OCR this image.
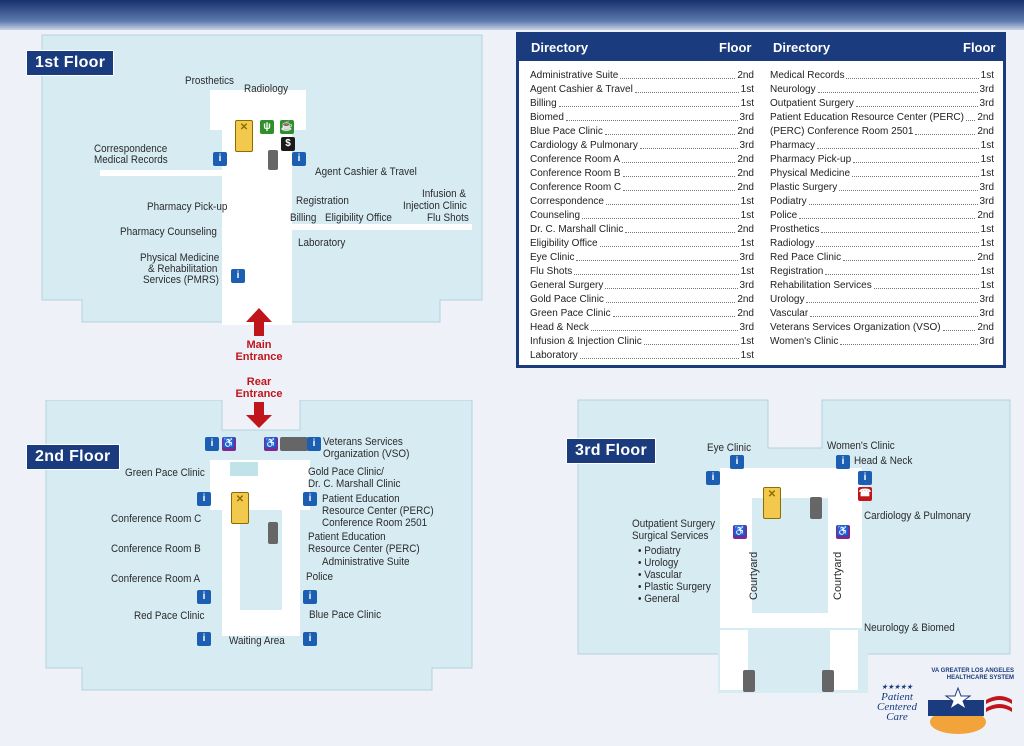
1st Floor
Prosthetics
Radiology
Correspondence
Medical Records
Agent Cashier & Travel
Registration
Billing Eligibility Office
Infusion &
Injection Clinic
Flu Shots
Pharmacy Pick-up
Pharmacy Counseling
Physical Medicine
& Rehabilitation
Services (PMRS)
Laboratory
✕	ψ	☕
$
i	i
i
Main
Entrance
Rear
Entrance
2nd Floor
Veterans Services
Organization (VSO)
Green Pace Clinic	Gold Pace Clinic/
Dr. C. Marshall Clinic
Patient Education
Resource Center (PERC)
Conference Room 2501
Conference Room C
Conference Room B
Conference Room A
Patient Education
Resource Center (PERC)
Administrative Suite
Police
Red Pace Clinic	Blue Pace Clinic
Waiting Area
i ♿	♿	i
✕
i	i
i	i
i	i
3rd Floor	Eye Clinic	Women's Clinic
Head & Neck
Outpatient Surgery
Surgical Services
• Podiatry
• Urology
• Vascular
• Plastic Surgery
• General
Cardiology & Pulmonary
Neurology & Biomed
Courtyard	Courtyard
i
i
i
i
☎
✕
♿	♿
Directory	Floor Directory	Floor
Administrative Suite	2nd
Agent Cashier & Travel	1st
Billing	1st
Biomed	3rd
Blue Pace Clinic	2nd
Cardiology & Pulmonary	3rd
Conference Room A	2nd
Conference Room B	2nd
Conference Room C	2nd
Correspondence	1st
Counseling	1st
Dr. C. Marshall Clinic	2nd
Eligibility Office	1st
Eye Clinic	3rd
Flu Shots	1st
General Surgery	3rd
Gold Pace Clinic	2nd
Green Pace Clinic	2nd
Head & Neck	3rd
Infusion & Injection Clinic	1st
Laboratory	1st
Medical Records	1st
Neurology	3rd
Outpatient Surgery	3rd
Patient Education Resource Center (PERC) 2nd
(PERC) Conference Room 2501	2nd
Pharmacy	1st
Pharmacy Pick-up	1st
Physical Medicine	1st
Plastic Surgery	3rd
Podiatry	3rd
Police	2nd
Prosthetics	1st
Radiology	1st
Red Pace Clinic	2nd
Registration	1st
Rehabilitation Services	1st
Urology	3rd
Vascular	3rd
Veterans Services Organization (VSO)	2nd
Women's Clinic	3rd
★★★★★
Patient
Centered
Care
VA GREATER LOS ANGELES
HEALTHCARE SYSTEM
